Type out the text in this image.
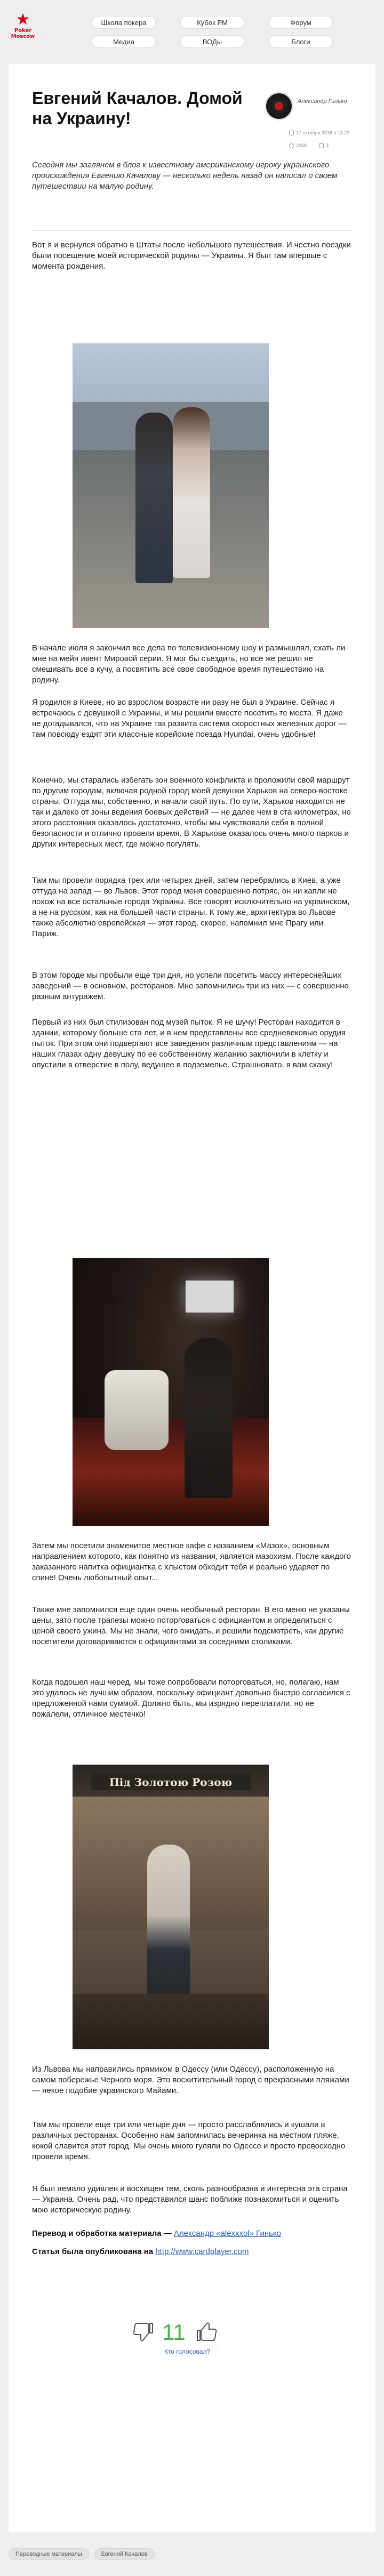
★
Poker
Moscow
Школа покера	Кубок РМ	Форум
Медиа	ВОДы	Блоги
Евгений Качалов. Домой на Украину!
Александр Гинько
17 октября 2016 в 13:23
2058	3

Сегодня мы заглянем в блог к известному американскому игроку украинского происхождения Евгению Качалову — несколько недель назад он написал о своем путешествии на малую родину.

Вот я и вернулся обратно в Штаты после небольшого путешествия. И честно поездки были посещение моей исторической родины — Украины. Я был там впервые с момента рождения.

В начале июля я закончил все дела по телевизионному шоу и размышлял, ехать ли мне на мейн ивент Мировой серии. Я мог бы съездить, но все же решил не смешивать все в кучу, а посвятить все свое свободное время путешествию на родину.

Я родился в Киеве, но во взрослом возрасте ни разу не был в Украине. Сейчас я встречаюсь с девушкой с Украины, и мы решили вместе посетить те места. Я даже не догадывался, что на Украине так развита система скоростных железных дорог — там повсюду ездят эти классные корейские поезда Hyundai, очень удобные!

Конечно, мы старались избегать зон военного конфликта и проложили свой маршрут по другим городам, включая родной город моей девушки Харьков на северо-востоке страны. Оттуда мы, собственно, и начали свой путь. По сути, Харьков находится не так и далеко от зоны ведения боевых действий — не далее чем в ста километрах, но этого расстояния оказалось достаточно, чтобы мы чувствовали себя в полной безопасности и отлично провели время. В Харькове оказалось очень много парков и других интересных мест, где можно погулять.

Там мы провели порядка трех или четырех дней, затем перебрались в Киев, а уже оттуда на запад — во Львов. Этот город меня совершенно потряс, он ни капли не похож на все остальные города Украины. Все говорят исключительно на украинском, а не на русском, как на большей части страны. К тому же, архитектура во Львове также абсолютно европейская — этот город, скорее, напомнил мне Прагу или Париж.

В этом городе мы пробыли еще три дня, но успели посетить массу интереснейших заведений — в основном, ресторанов. Мне запомнились три из них — с совершенно разным антуражем.

Первый из них был стилизован под музей пыток. Я не шучу! Ресторан находится в здании, которому больше ста лет, и в нем представлены все средневековые орудия пыток. При этом они подвергают все заведения различным представлениям — на наших глазах одну девушку по ее собственному желанию заключили в клетку и опустили в отверстие в полу, ведущее в подземелье. Страшновато, я вам скажу!

Затем мы посетили знаменитое местное кафе с названием «Мазох», основным направлением которого, как понятно из названия, является мазохизм. После каждого заказанного напитка официантка с хлыстом обходит тебя и реально ударяет по спине! Очень любопытный опыт...

Также мне запомнился еще один очень необычный ресторан. В его меню не указаны цены, зато после трапезы можно поторговаться с официантом и определиться с ценой своего ужина. Мы не знали, чего ожидать, и решили подсмотреть, как другие посетители договариваются с официантами за соседними столиками.

Когда подошел наш черед, мы тоже попробовали поторговаться, но, полагаю, нам это удалось не лучшим образом, поскольку официант довольно быстро согласился с предложенной нами суммой. Должно быть, мы изрядно переплатили, но не пожалели, отличное местечко!

Під Золотою Розою

Из Львова мы направились прямиком в Одессу (или Одессу), расположенную на самом побережье Черного моря. Это восхитительный город с прекрасными пляжами — некое подобие украинского Майами.

Там мы провели еще три или четыре дня — просто расслаблялись и кушали в различных ресторанах. Особенно нам запомнилась вечеринка на местном пляже, кокой славится этот город. Мы очень много гуляли по Одессе и просто превосходно провели время.

Я был немало удивлен и восхищен тем, сколь разнообразна и интересна эта страна — Украина. Очень рад, что представился шанс поближе познакомиться и оценить мою историческую родину.

Перевод и обработка материала — Александр «alexxxol» Гинько

Статья была опубликована на http://www.cardplayer.com

11
Кто голосовал?
Переводные материалы	Евгений Качалов
